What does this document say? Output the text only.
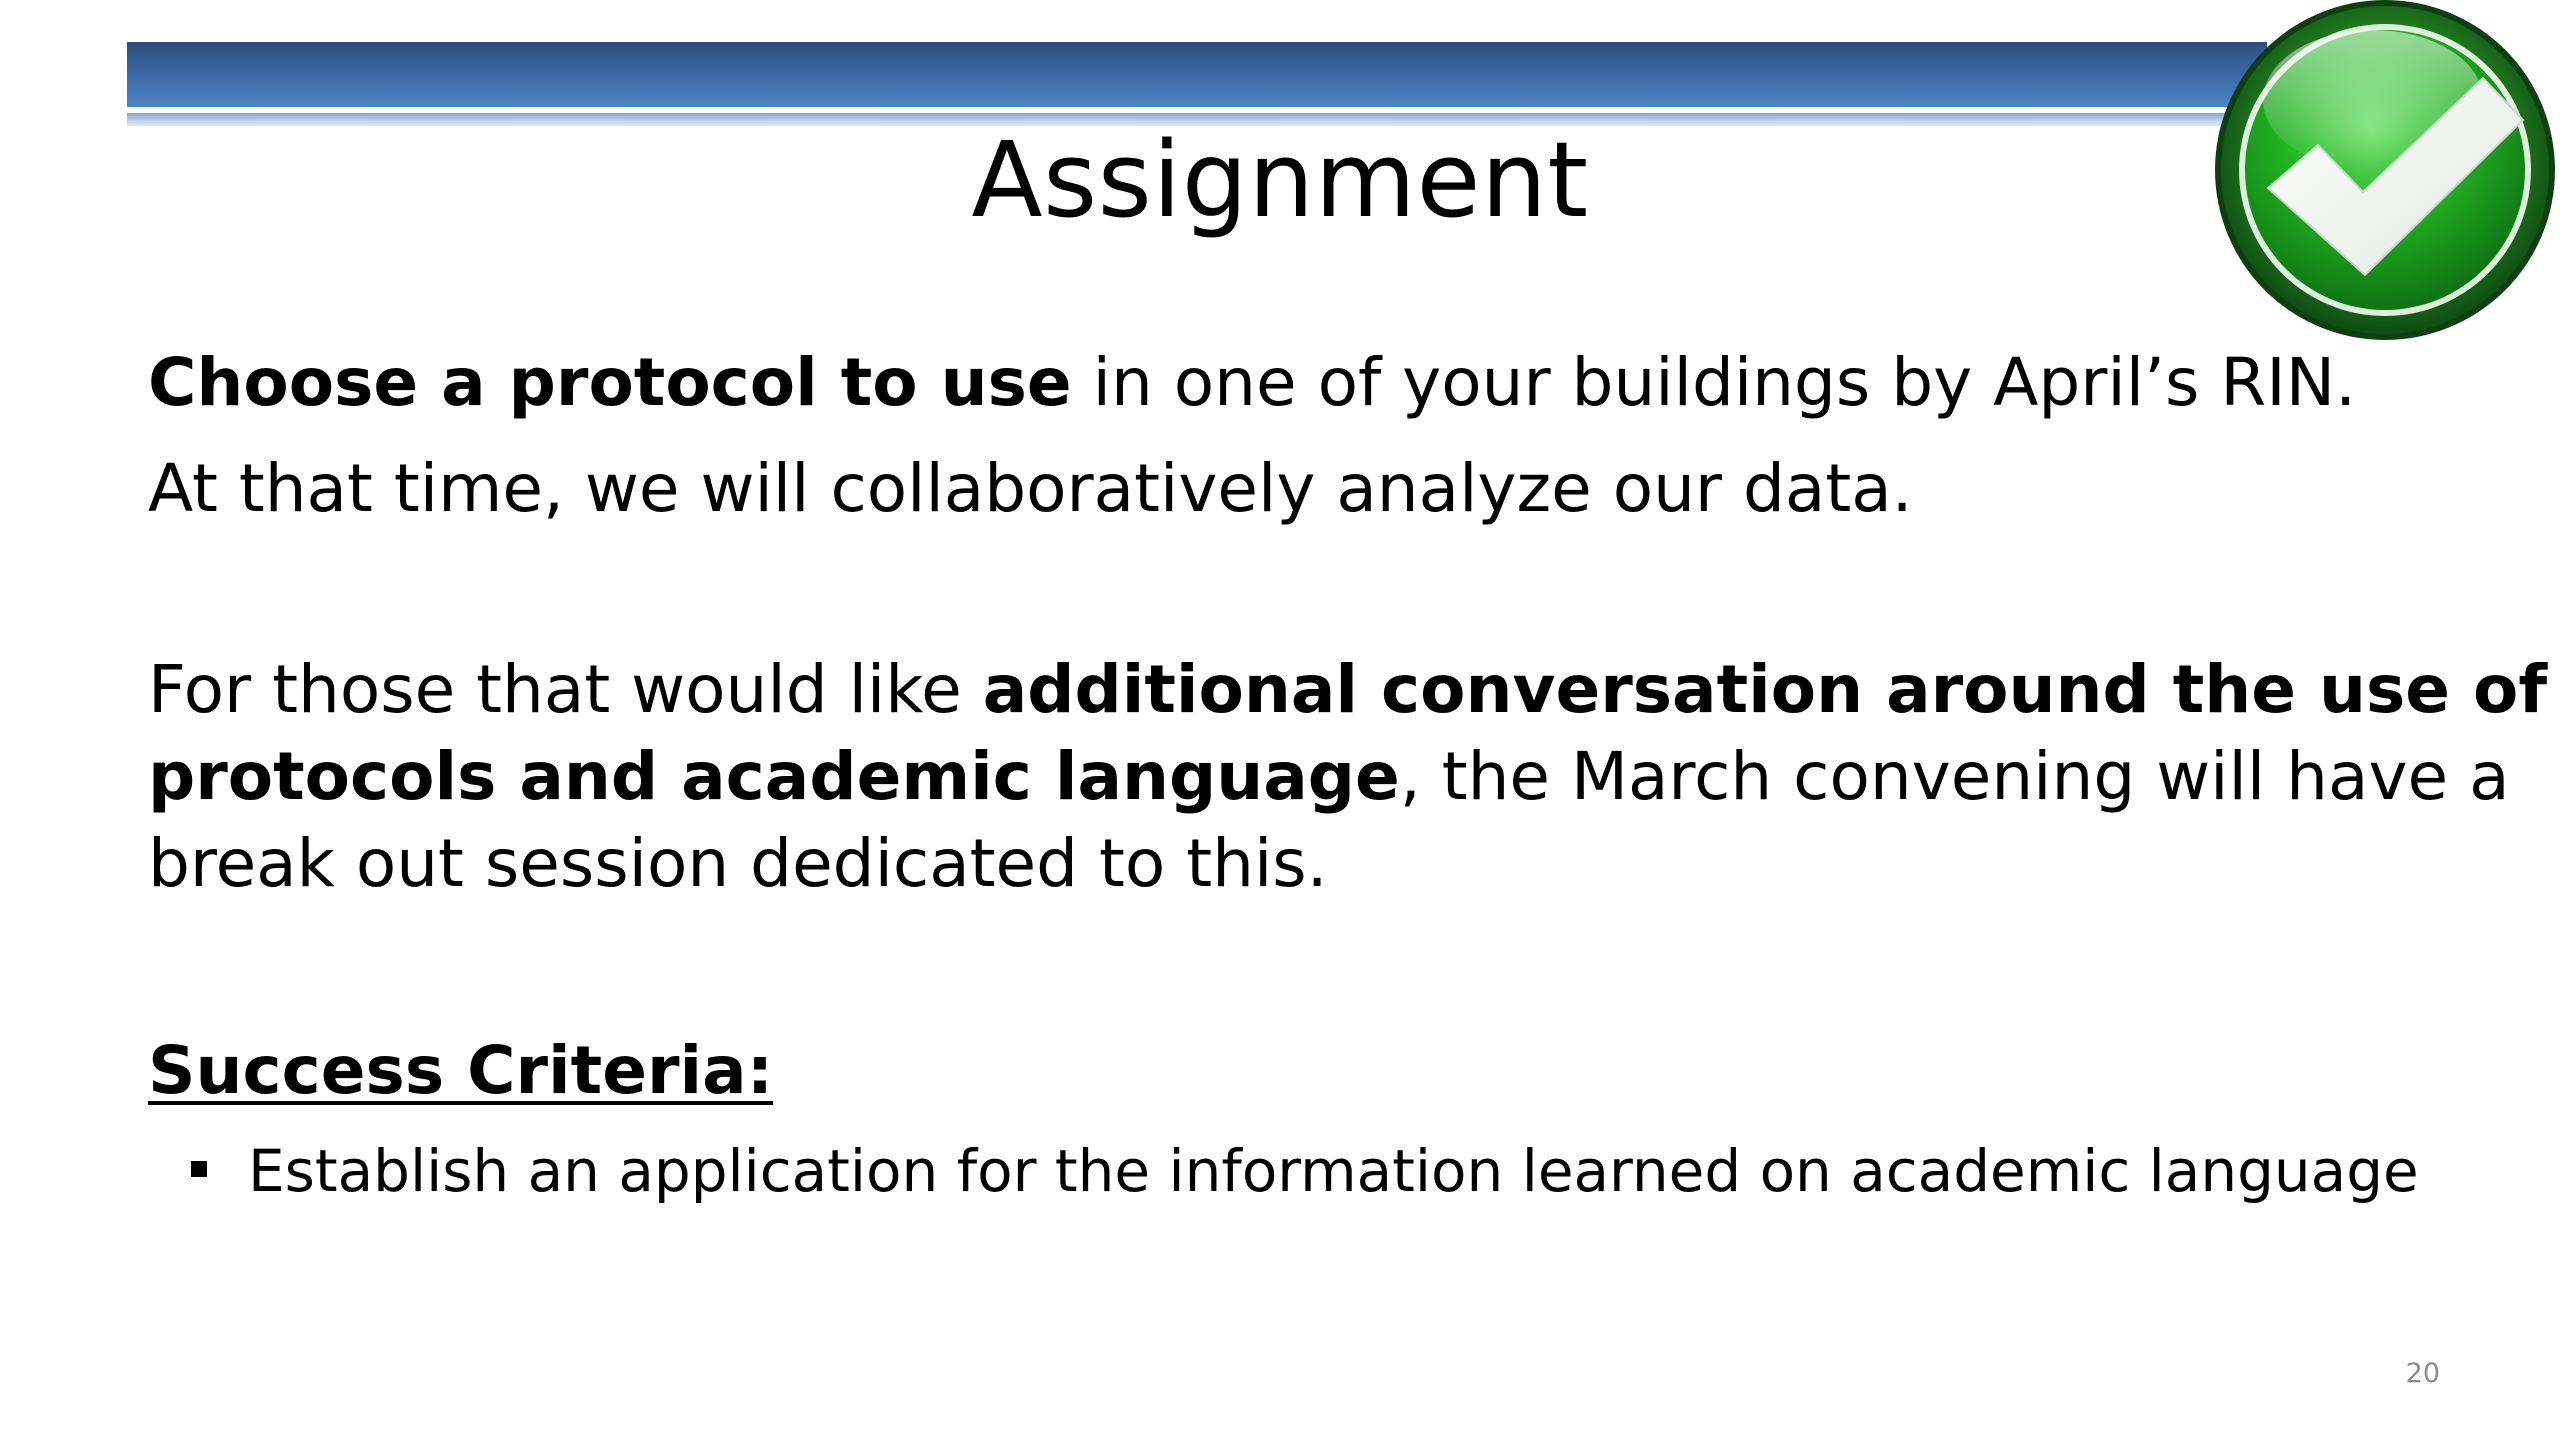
Assignment
Choose a protocol to use in one of your buildings by April’s RIN.
At that time, we will collaboratively analyze our data.
For those that would like additional conversation around the use of
protocols and academic language, the March convening will have a
break out session dedicated to this.
Success Criteria:
Establish an application for the information learned on academic language
20
